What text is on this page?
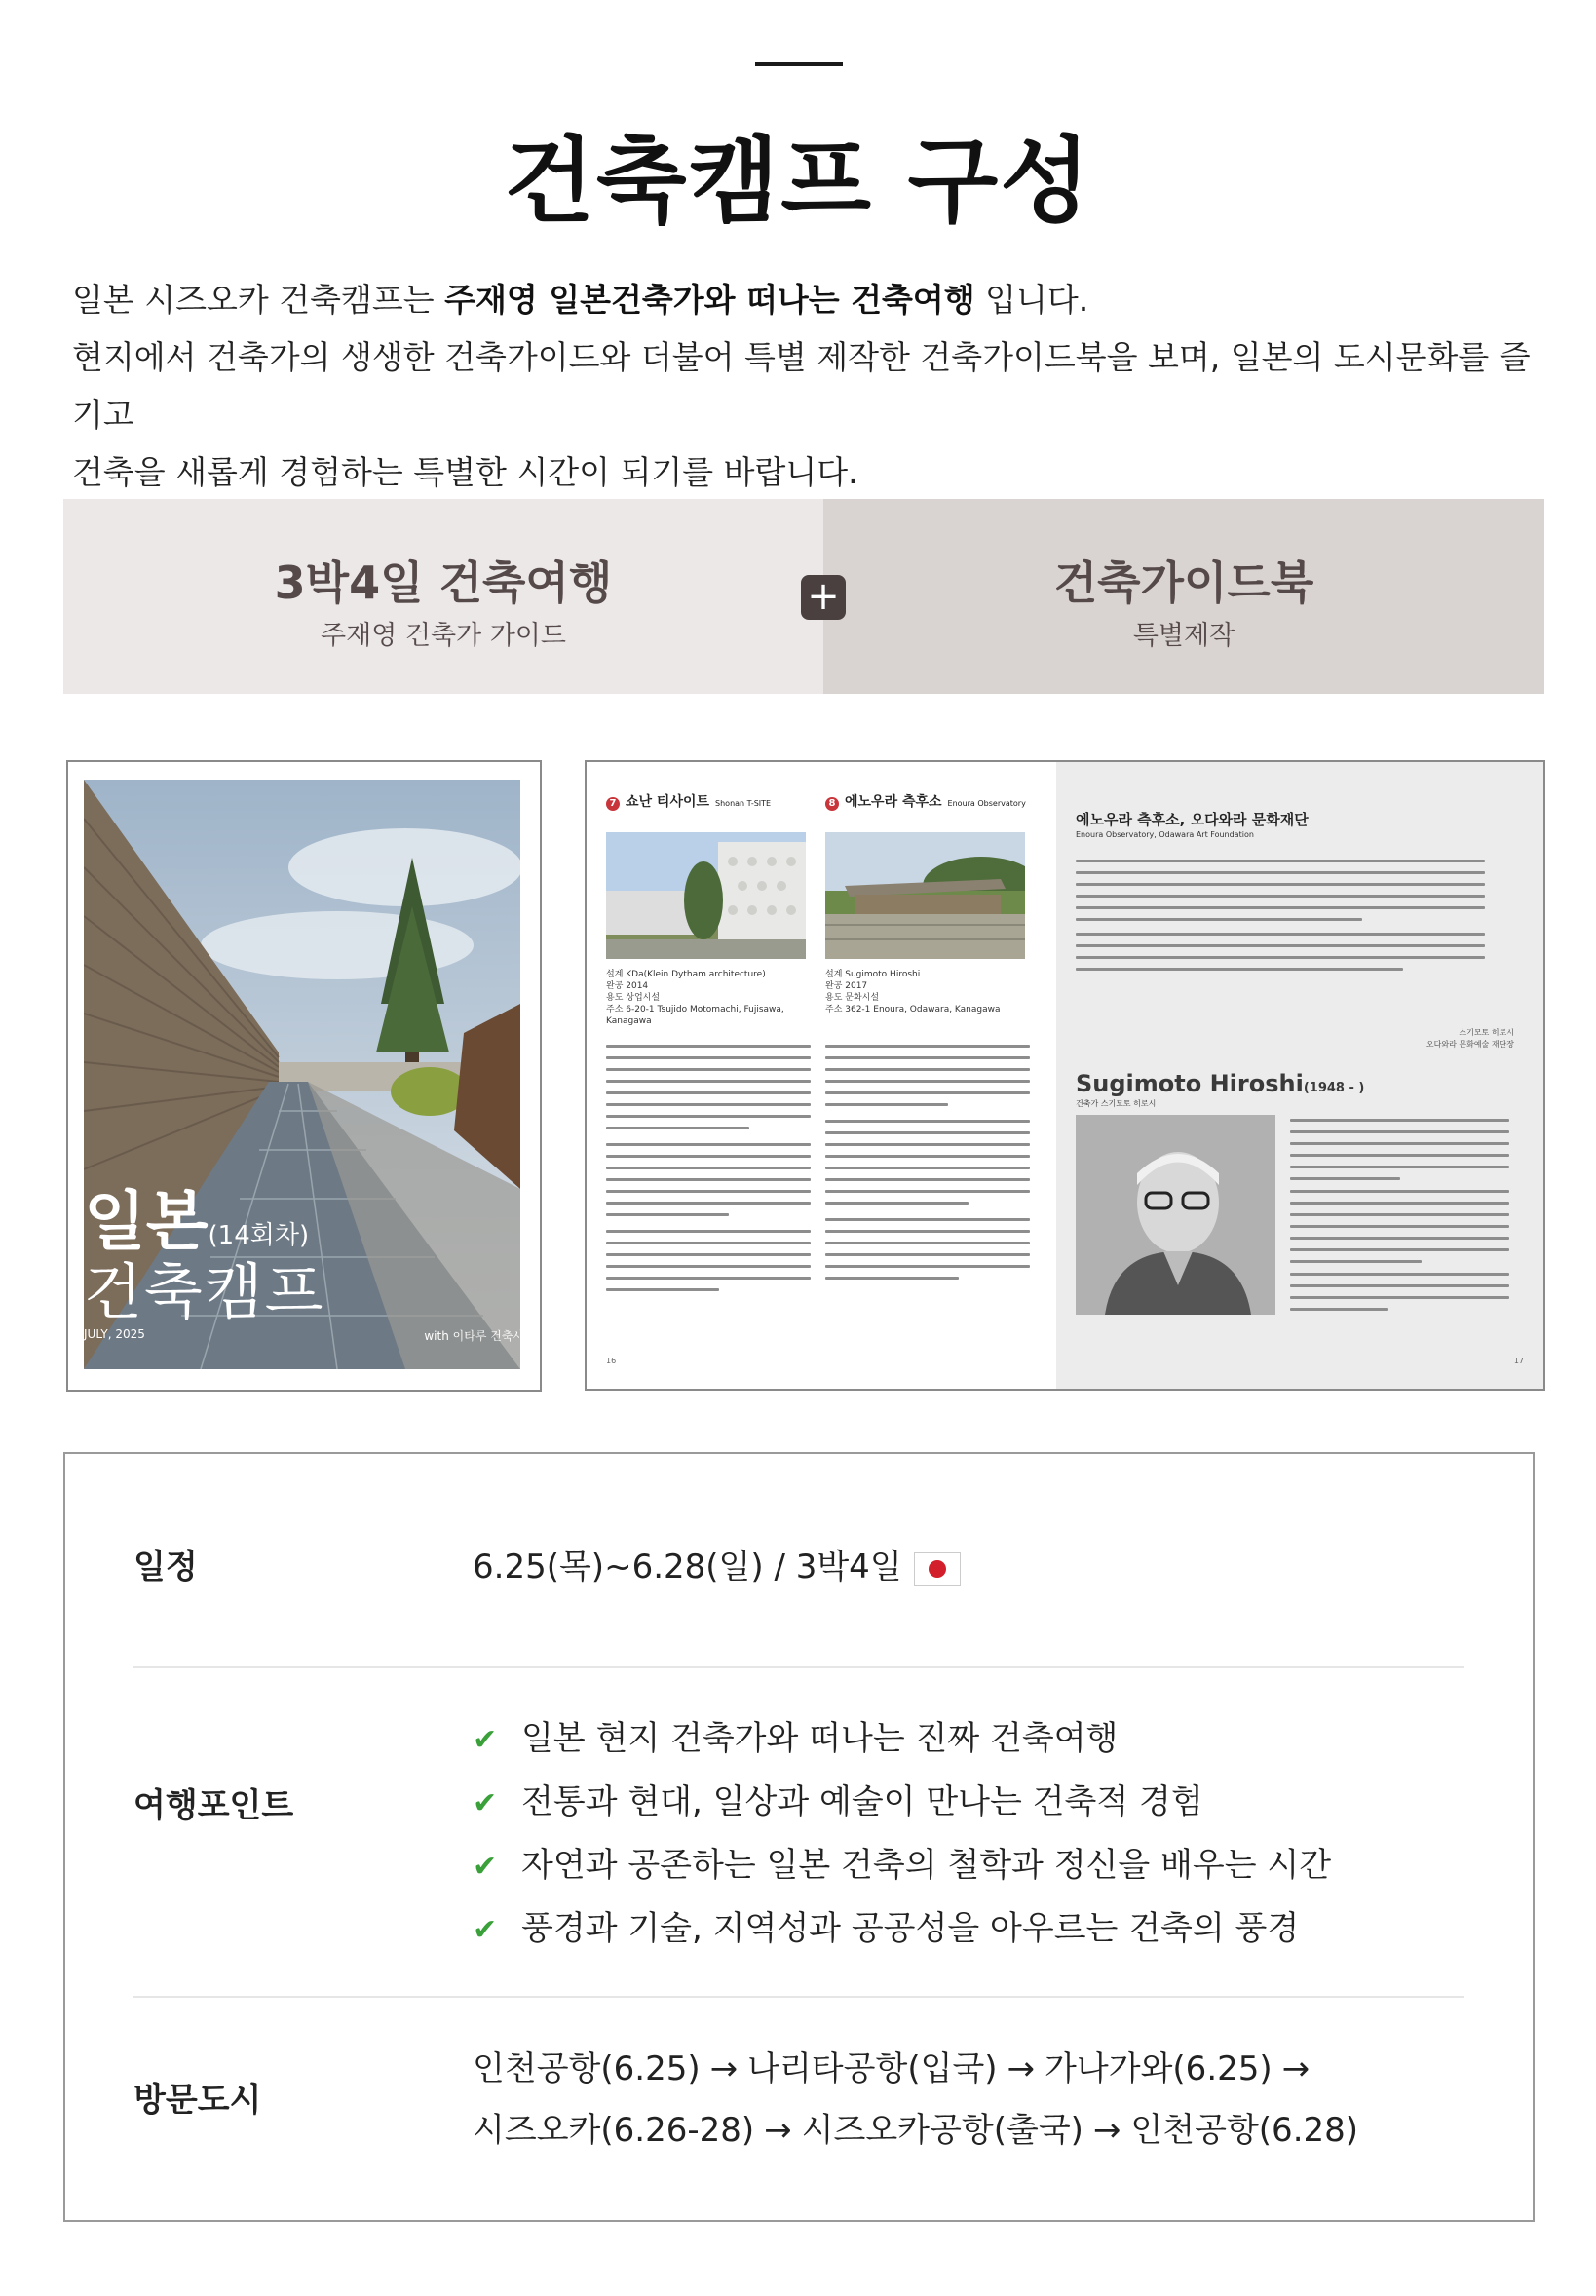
건축캠프 구성
일본 시즈오카 건축캠프는 주재영 일본건축가와 떠나는 건축여행 입니다.
현지에서 건축가의 생생한 건축가이드와 더불어 특별 제작한 건축가이드북을 보며, 일본의 도시문화를 즐기고
건축을 새롭게 경험하는 특별한 시간이 되기를 바랍니다.
3박4일 건축여행
주재영 건축가 가이드
건축가이드북
특별제작
+
일본(14회차)
건축캠프
JULY, 2025	with 이타루 건축사
7 쇼난 티사이트 Shonan T-SITE	8 에노우라 측후소 Enoura Observatory
설계 KDa(Klein Dytham architecture)
완공 2014
용도 상업시설
주소 6-20-1 Tsujido Motomachi, Fujisawa,
Kanagawa
설계 Sugimoto Hiroshi
완공 2017
용도 문화시설
주소 362-1 Enoura, Odawara, Kanagawa
16
에노우라 측후소, 오다와라 문화재단
Enoura Observatory, Odawara Art Foundation
스기모토 히로시
오다와라 문화예술 재단장
Sugimoto Hiroshi(1948 - )
건축가 스기모토 히로시
17
일정	6.25(목)~6.28(일) / 3박4일
여행포인트
✔ 일본 현지 건축가와 떠나는 진짜 건축여행
✔ 전통과 현대, 일상과 예술이 만나는 건축적 경험
✔ 자연과 공존하는 일본 건축의 철학과 정신을 배우는 시간
✔ 풍경과 기술, 지역성과 공공성을 아우르는 건축의 풍경
방문도시
인천공항(6.25) → 나리타공항(입국) → 가나가와(6.25) →
시즈오카(6.26-28) → 시즈오카공항(출국) → 인천공항(6.28)
